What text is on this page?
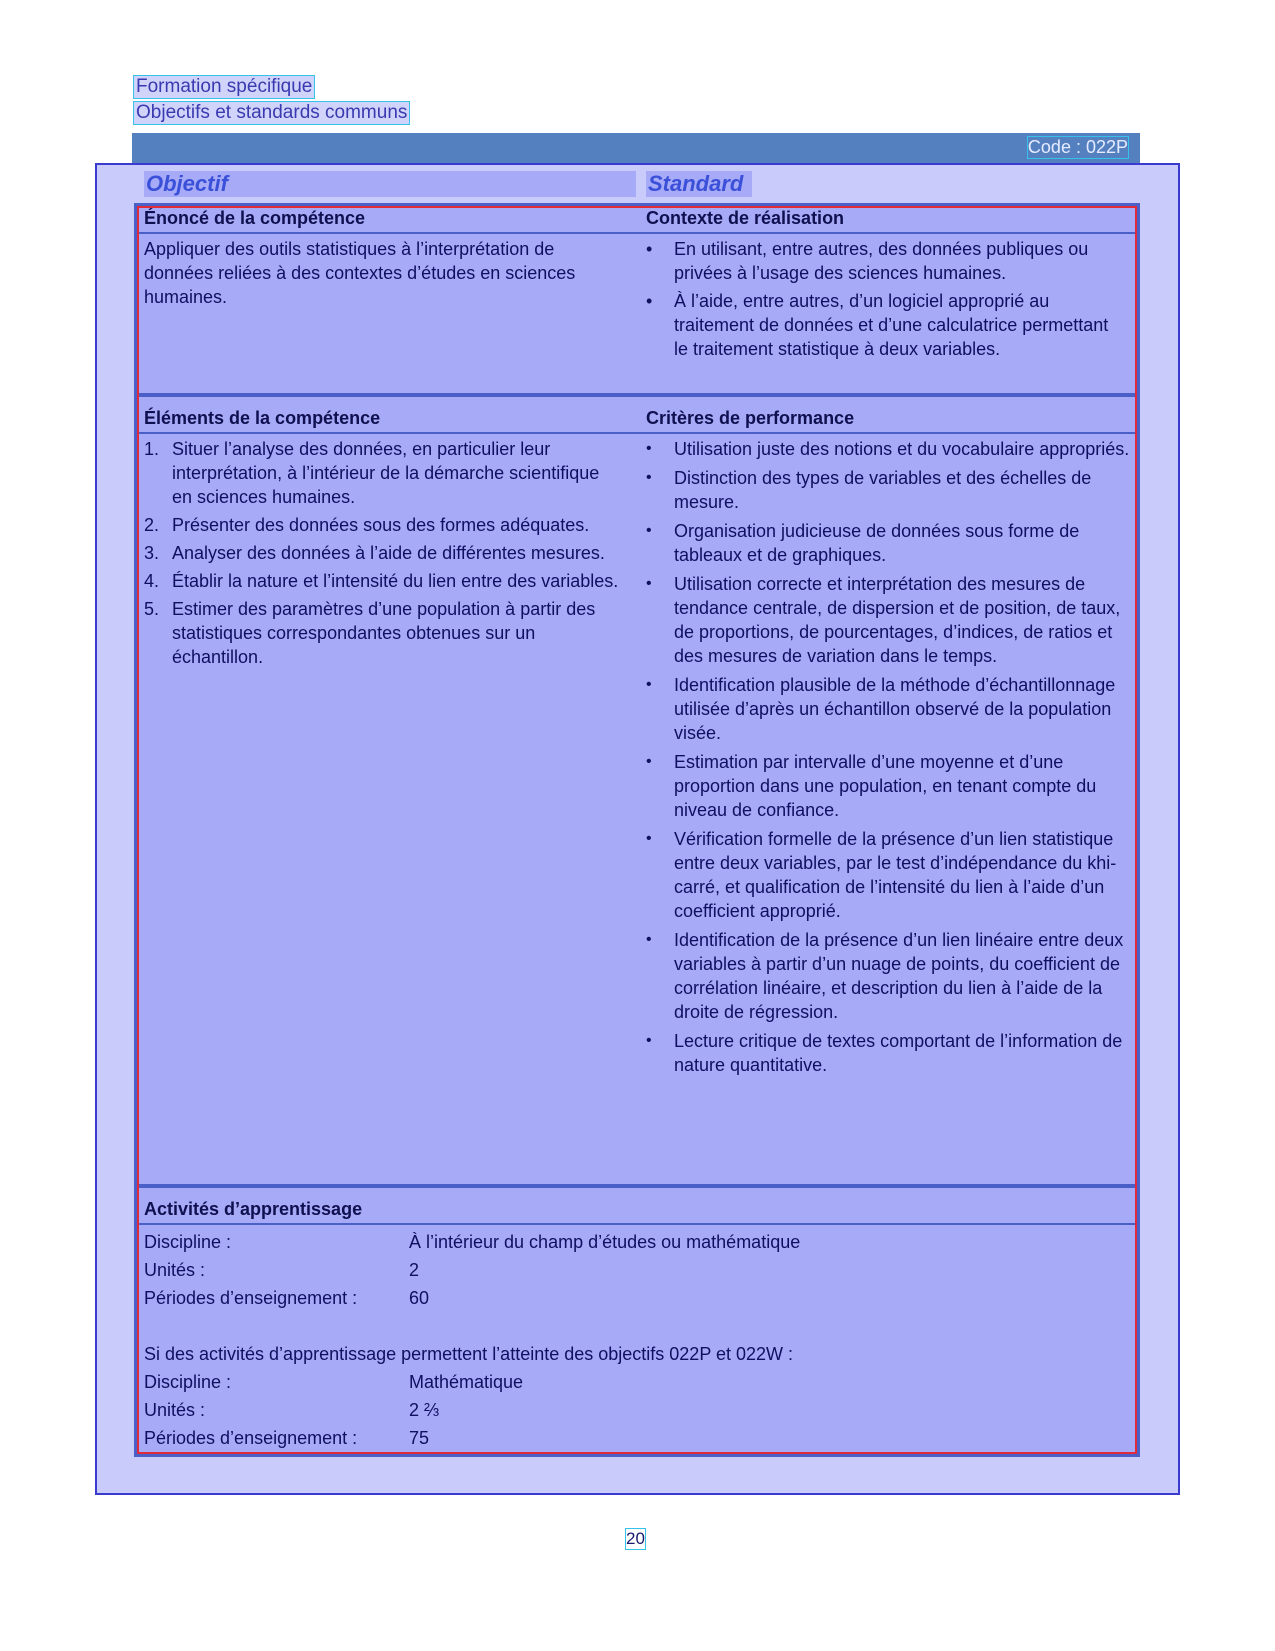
Formation spécifique
Objectifs et standards communs
Code : 022P
Objectif	Standard
Énoncé de la compétence	Contexte de réalisation
Appliquer des outils statistiques à l’interprétation de données reliées à des contextes d’études en sciences humaines.
• En utilisant, entre autres, des données publiques ou privées à l’usage des sciences humaines.
• À l’aide, entre autres, d’un logiciel approprié au traitement de données et d’une calculatrice permettant le traitement statistique à deux variables.
Éléments de la compétence	Critères de performance
1. Situer l’analyse des données, en particulier leur interprétation, à l’intérieur de la démarche scientifique en sciences humaines.
2. Présenter des données sous des formes adéquates.
3. Analyser des données à l’aide de différentes mesures.
4. Établir la nature et l’intensité du lien entre des variables.
5. Estimer des paramètres d’une population à partir des statistiques correspondantes obtenues sur un échantillon.
• Utilisation juste des notions et du vocabulaire appropriés.
• Distinction des types de variables et des échelles de mesure.
• Organisation judicieuse de données sous forme de tableaux et de graphiques.
• Utilisation correcte et interprétation des mesures de tendance centrale, de dispersion et de position, de taux, de proportions, de pourcentages, d’indices, de ratios et des mesures de variation dans le temps.
• Identification plausible de la méthode d’échantillonnage utilisée d’après un échantillon observé de la population visée.
• Estimation par intervalle d’une moyenne et d’une proportion dans une population, en tenant compte du niveau de confiance.
• Vérification formelle de la présence d’un lien statistique entre deux variables, par le test d’indépendance du khi-carré, et qualification de l’intensité du lien à l’aide d’un coefficient approprié.
• Identification de la présence d’un lien linéaire entre deux variables à partir d’un nuage de points, du coefficient de corrélation linéaire, et description du lien à l’aide de la droite de régression.
• Lecture critique de textes comportant de l’information de nature quantitative.
Activités d’apprentissage
Discipline :	À l’intérieur du champ d’études ou mathématique
Unités :	2
Périodes d’enseignement :	60
Si des activités d’apprentissage permettent l’atteinte des objectifs 022P et 022W :
Discipline :	Mathématique
Unités :	2 ⅔
Périodes d’enseignement :	75
20
